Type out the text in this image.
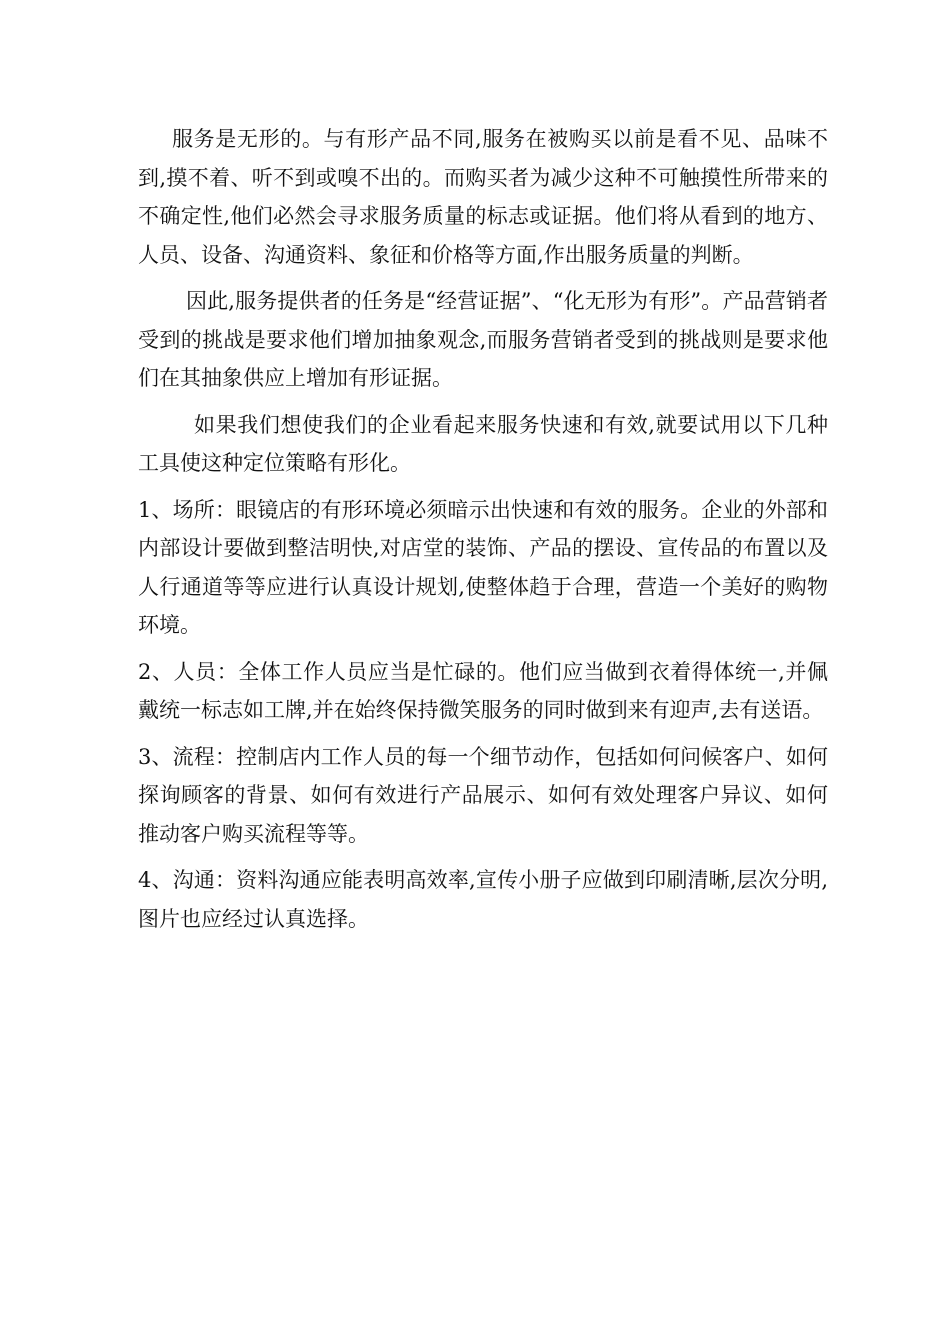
服务是无形的。与有形产品不同,服务在被购买以前是看不见、品味不到,摸不着、听不到或嗅不出的。而购买者为减少这种不可触摸性所带来的不确定性,他们必然会寻求服务质量的标志或证据。他们将从看到的地方、人员、设备、沟通资料、象征和价格等方面,作出服务质量的判断。

因此,服务提供者的任务是“经营证据”、“化无形为有形”。产品营销者受到的挑战是要求他们增加抽象观念,而服务营销者受到的挑战则是要求他们在其抽象供应上增加有形证据。

如果我们想使我们的企业看起来服务快速和有效,就要试用以下几种工具使这种定位策略有形化。

1、场所：眼镜店的有形环境必须暗示出快速和有效的服务。企业的外部和内部设计要做到整洁明快,对店堂的装饰、产品的摆设、宣传品的布置以及人行通道等等应进行认真设计规划,使整体趋于合理，营造一个美好的购物环境。

2、人员：全体工作人员应当是忙碌的。他们应当做到衣着得体统一,并佩戴统一标志如工牌,并在始终保持微笑服务的同时做到来有迎声,去有送语。

3、流程：控制店内工作人员的每一个细节动作，包括如何问候客户、如何探询顾客的背景、如何有效进行产品展示、如何有效处理客户异议、如何推动客户购买流程等等。

4、沟通：资料沟通应能表明高效率,宣传小册子应做到印刷清晰,层次分明,图片也应经过认真选择。
